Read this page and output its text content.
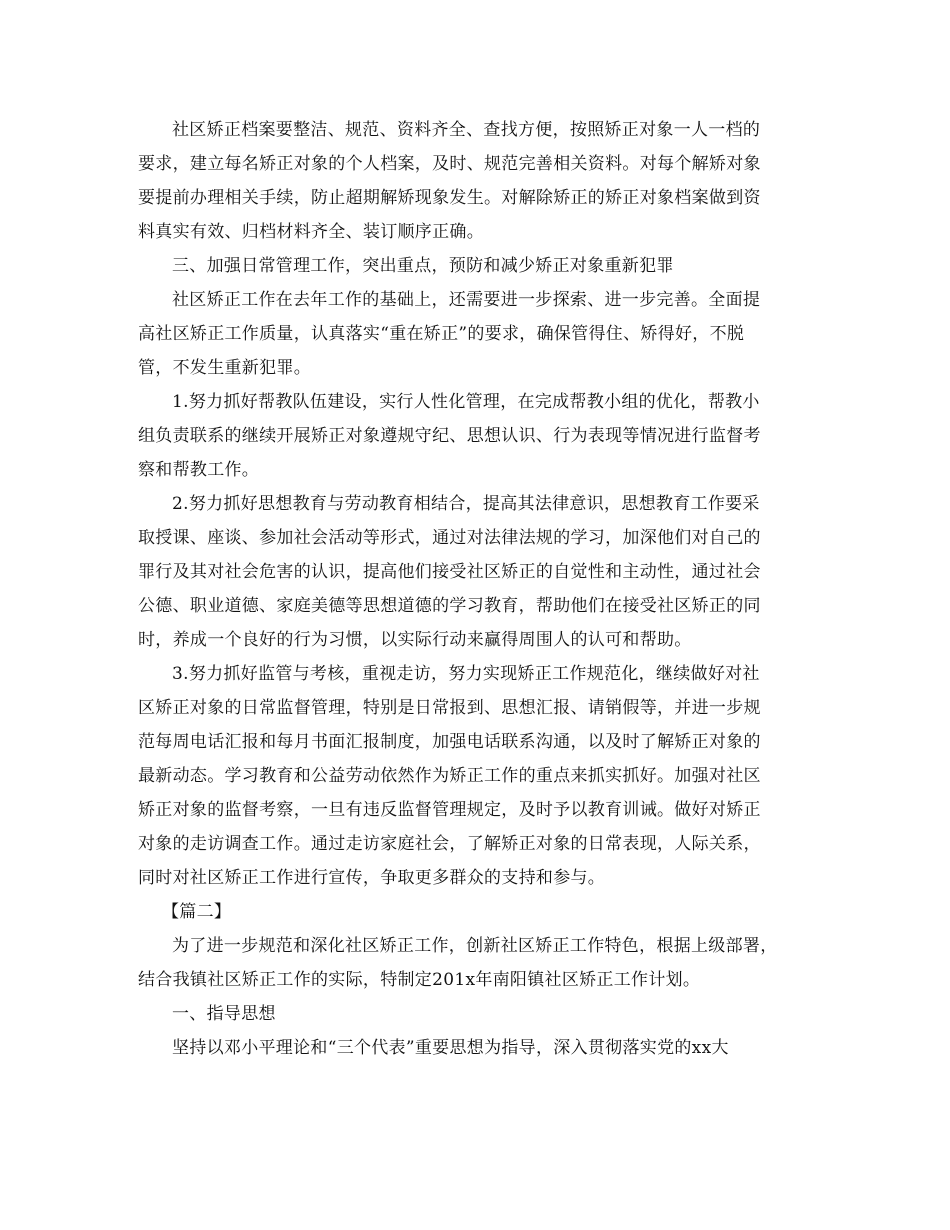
社区矫正档案要整洁、规范、资料齐全、查找方便，按照矫正对象一人一档的
要求，建立每名矫正对象的个人档案，及时、规范完善相关资料。对每个解矫对象
要提前办理相关手续，防止超期解矫现象发生。对解除矫正的矫正对象档案做到资
料真实有效、归档材料齐全、装订顺序正确。

三、加强日常管理工作，突出重点，预防和减少矫正对象重新犯罪

社区矫正工作在去年工作的基础上，还需要进一步探索、进一步完善。全面提
高社区矫正工作质量，认真落实“重在矫正”的要求，确保管得住、矫得好，不脱
管，不发生重新犯罪。

1.努力抓好帮教队伍建设，实行人性化管理，在完成帮教小组的优化，帮教小
组负责联系的继续开展矫正对象遵规守纪、思想认识、行为表现等情况进行监督考
察和帮教工作。

2.努力抓好思想教育与劳动教育相结合，提高其法律意识，思想教育工作要采
取授课、座谈、参加社会活动等形式，通过对法律法规的学习，加深他们对自己的
罪行及其对社会危害的认识，提高他们接受社区矫正的自觉性和主动性，通过社会
公德、职业道德、家庭美德等思想道德的学习教育，帮助他们在接受社区矫正的同
时，养成一个良好的行为习惯，以实际行动来赢得周围人的认可和帮助。

3.努力抓好监管与考核，重视走访，努力实现矫正工作规范化，继续做好对社
区矫正对象的日常监督管理，特别是日常报到、思想汇报、请销假等，并进一步规
范每周电话汇报和每月书面汇报制度，加强电话联系沟通，以及时了解矫正对象的
最新动态。学习教育和公益劳动依然作为矫正工作的重点来抓实抓好。加强对社区
矫正对象的监督考察，一旦有违反监督管理规定，及时予以教育训诫。做好对矫正
对象的走访调查工作。通过走访家庭社会，了解矫正对象的日常表现，人际关系，
同时对社区矫正工作进行宣传，争取更多群众的支持和参与。

【篇二】

为了进一步规范和深化社区矫正工作，创新社区矫正工作特色，根据上级部署，
结合我镇社区矫正工作的实际，特制定201x年南阳镇社区矫正工作计划。

一、指导思想

坚持以邓小平理论和“三个代表”重要思想为指导，深入贯彻落实党的xx大
